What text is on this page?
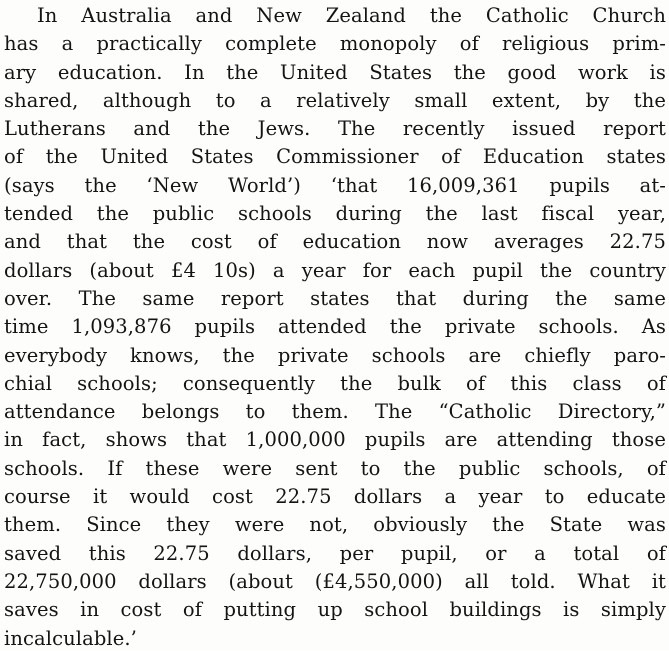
In Australia and New Zealand the Catholic Church
has a practically complete monopoly of religious prim-
ary education. In the United States the good work is
shared, although to a relatively small extent, by the
Lutherans and the Jews. The recently issued report
of the United States Commissioner of Education states
(says the ‘New World’) ‘that 16,009,361 pupils at-
tended the public schools during the last fiscal year,
and that the cost of education now averages 22.75
dollars (about £4 10s) a year for each pupil the country
over. The same report states that during the same
time 1,093,876 pupils attended the private schools. As
everybody knows, the private schools are chiefly paro-
chial schools; consequently the bulk of this class of
attendance belongs to them. The “Catholic Directory,”
in fact, shows that 1,000,000 pupils are attending those
schools. If these were sent to the public schools, of
course it would cost 22.75 dollars a year to educate
them. Since they were not, obviously the State was
saved this 22.75 dollars, per pupil, or a total of
22,750,000 dollars (about (£4,550,000) all told. What it
saves in cost of putting up school buildings is simply
incalculable.’
